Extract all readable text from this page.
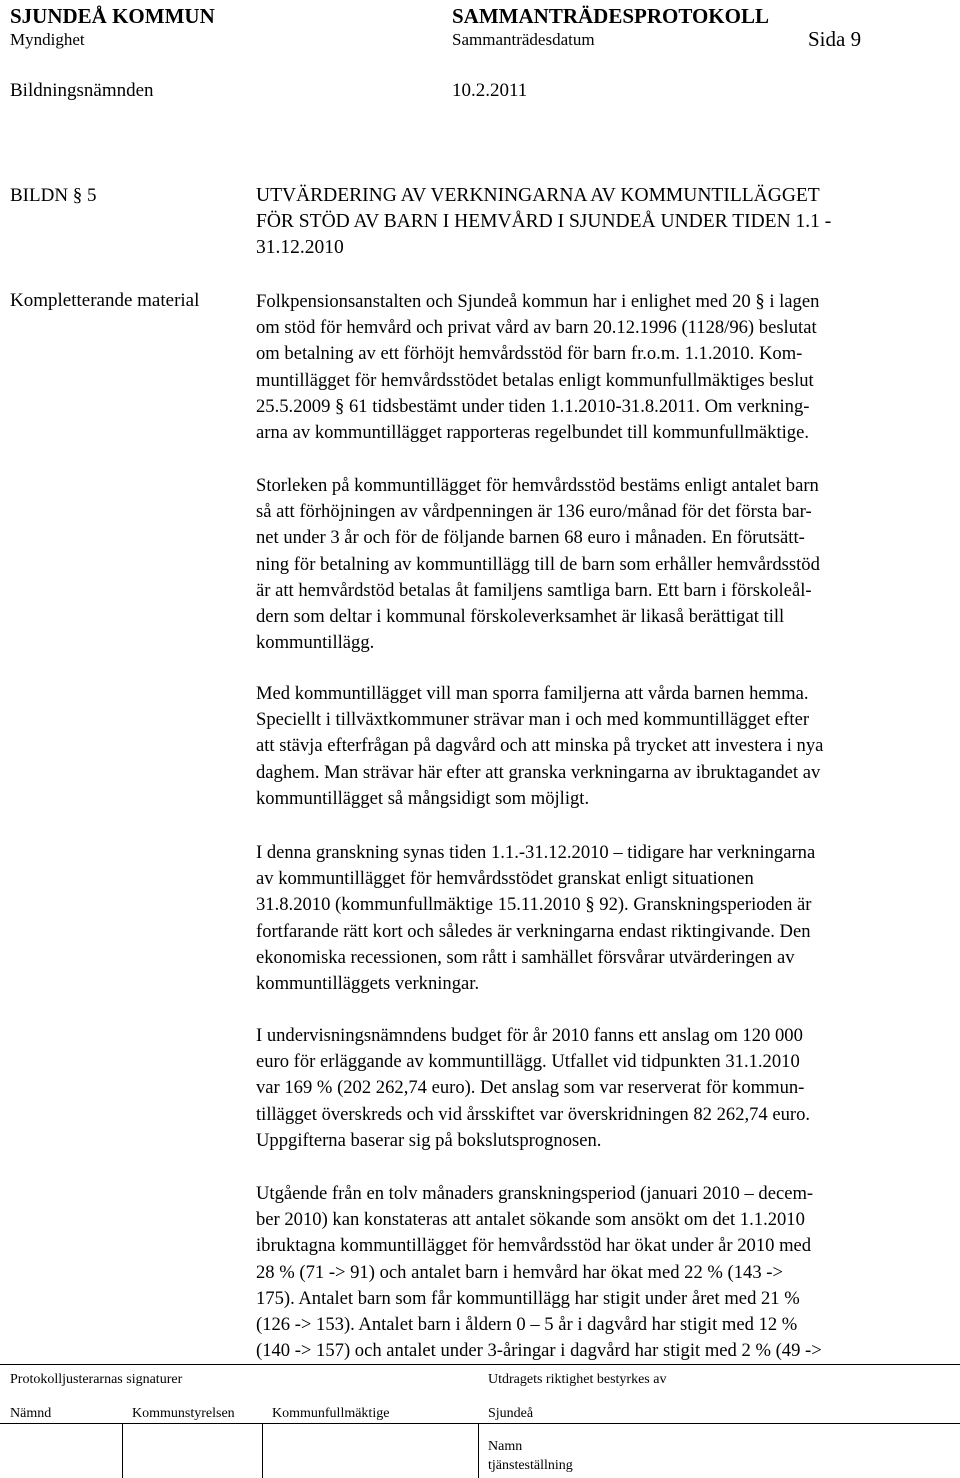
SJUNDEÅ KOMMUN	SAMMANTRÄDESPROTOKOLL
Myndighet	Sammanträdesdatum	Sida 9
Bildningsnämnden	10.2.2011
BILDN § 5	UTVÄRDERING AV VERKNINGARNA AV KOMMUNTILLÄGGET
FÖR STÖD AV BARN I HEMVÅRD I SJUNDEÅ UNDER TIDEN 1.1 -
31.12.2010
Kompletterande material	Folkpensionsanstalten och Sjundeå kommun har i enlighet med 20 § i lagen
om stöd för hemvård och privat vård av barn 20.12.1996 (1128/96) beslutat
om betalning av ett förhöjt hemvårdsstöd för barn fr.o.m. 1.1.2010. Kom-
muntillägget för hemvårdsstödet betalas enligt kommunfullmäktiges beslut
25.5.2009 § 61 tidsbestämt under tiden 1.1.2010-31.8.2011. Om verkning-
arna av kommuntillägget rapporteras regelbundet till kommunfullmäktige.
Storleken på kommuntillägget för hemvårdsstöd bestäms enligt antalet barn
så att förhöjningen av vårdpenningen är 136 euro/månad för det första bar-
net under 3 år och för de följande barnen 68 euro i månaden. En förutsätt-
ning för betalning av kommuntillägg till de barn som erhåller hemvårdsstöd
är att hemvårdstöd betalas åt familjens samtliga barn. Ett barn i förskoleål-
dern som deltar i kommunal förskoleverksamhet är likaså berättigat till
kommuntillägg.
Med kommuntillägget vill man sporra familjerna att vårda barnen hemma.
Speciellt i tillväxtkommuner strävar man i och med kommuntillägget efter
att stävja efterfrågan på dagvård och att minska på trycket att investera i nya
daghem. Man strävar här efter att granska verkningarna av ibruktagandet av
kommuntillägget så mångsidigt som möjligt.
I denna granskning synas tiden 1.1.-31.12.2010 – tidigare har verkningarna
av kommuntillägget för hemvårdsstödet granskat enligt situationen
31.8.2010 (kommunfullmäktige 15.11.2010 § 92). Granskningsperioden är
fortfarande rätt kort och således är verkningarna endast riktingivande. Den
ekonomiska recessionen, som rått i samhället försvårar utvärderingen av
kommuntilläggets verkningar.
I undervisningsnämndens budget för år 2010 fanns ett anslag om 120 000
euro för erläggande av kommuntillägg. Utfallet vid tidpunkten 31.1.2010
var 169 % (202 262,74 euro). Det anslag som var reserverat för kommun-
tillägget överskreds och vid årsskiftet var överskridningen 82 262,74 euro.
Uppgifterna baserar sig på bokslutsprognosen.
Utgående från en tolv månaders granskningsperiod (januari 2010 – decem-
ber 2010) kan konstateras att antalet sökande som ansökt om det 1.1.2010
ibruktagna kommuntillägget för hemvårdsstöd har ökat under år 2010 med
28 % (71 -> 91) och antalet barn i hemvård har ökat med 22 % (143 ->
175). Antalet barn som får kommuntillägg har stigit under året med 21 %
(126 -> 153). Antalet barn i åldern 0 – 5 år i dagvård har stigit med 12 %
(140 -> 157) och antalet under 3-åringar i dagvård har stigit med 2 % (49 ->
Protokolljusterarnas signaturer	Utdragets riktighet bestyrkes av
Nämnd	Kommunstyrelsen	Kommunfullmäktige	Sjundeå
Namn
tjänsteställning
